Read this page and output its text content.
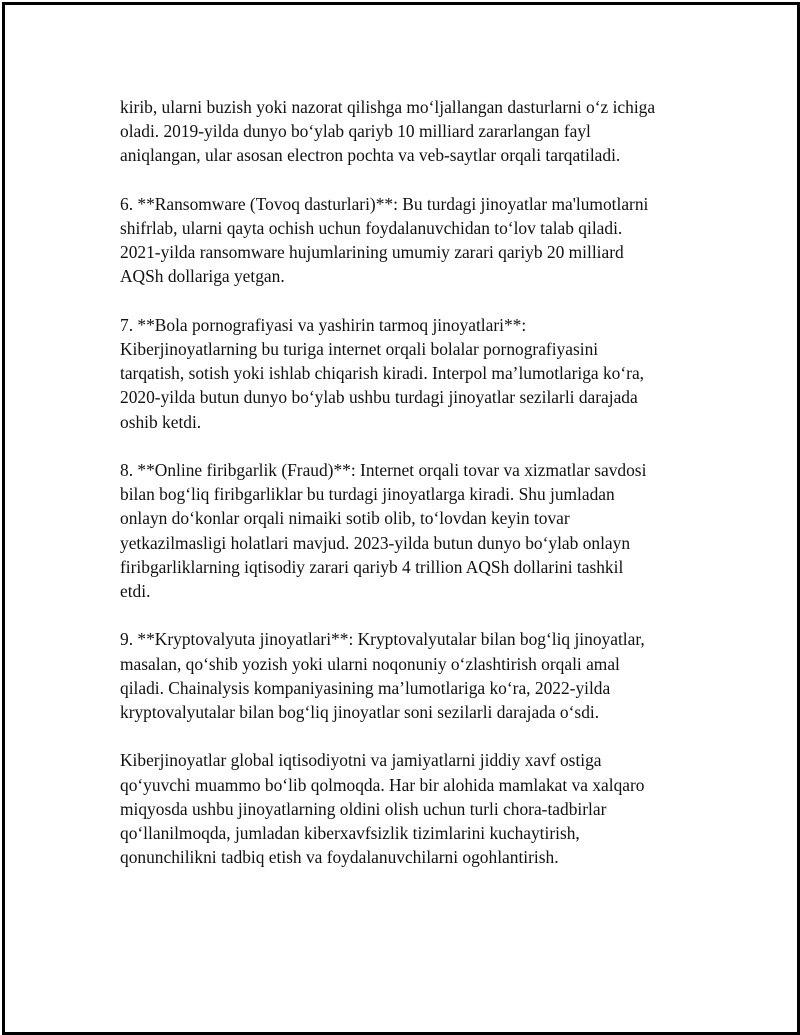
kirib, ularni buzish yoki nazorat qilishga mo‘ljallangan dasturlarni o‘z ichiga
oladi. 2019-yilda dunyo bo‘ylab qariyb 10 milliard zararlangan fayl
aniqlangan, ular asosan electron pochta va veb-saytlar orqali tarqatiladi.

6. **Ransomware (Tovoq dasturlari)**: Bu turdagi jinoyatlar ma'lumotlarni
shifrlab, ularni qayta ochish uchun foydalanuvchidan to‘lov talab qiladi.
2021-yilda ransomware hujumlarining umumiy zarari qariyb 20 milliard
AQSh dollariga yetgan.

7. **Bola pornografiyasi va yashirin tarmoq jinoyatlari**:
Kiberjinoyatlarning bu turiga internet orqali bolalar pornografiyasini
tarqatish, sotish yoki ishlab chiqarish kiradi. Interpol ma’lumotlariga ko‘ra,
2020-yilda butun dunyo bo‘ylab ushbu turdagi jinoyatlar sezilarli darajada
oshib ketdi.

8. **Online firibgarlik (Fraud)**: Internet orqali tovar va xizmatlar savdosi
bilan bog‘liq firibgarliklar bu turdagi jinoyatlarga kiradi. Shu jumladan
onlayn do‘konlar orqali nimaiki sotib olib, to‘lovdan keyin tovar
yetkazilmasligi holatlari mavjud. 2023-yilda butun dunyo bo‘ylab onlayn
firibgarliklarning iqtisodiy zarari qariyb 4 trillion AQSh dollarini tashkil
etdi.

9. **Kryptovalyuta jinoyatlari**: Kryptovalyutalar bilan bog‘liq jinoyatlar,
masalan, qo‘shib yozish yoki ularni noqonuniy o‘zlashtirish orqali amal
qiladi. Chainalysis kompaniyasining ma’lumotlariga ko‘ra, 2022-yilda
kryptovalyutalar bilan bog‘liq jinoyatlar soni sezilarli darajada o‘sdi.

Kiberjinoyatlar global iqtisodiyotni va jamiyatlarni jiddiy xavf ostiga
qo‘yuvchi muammo bo‘lib qolmoqda. Har bir alohida mamlakat va xalqaro
miqyosda ushbu jinoyatlarning oldini olish uchun turli chora-tadbirlar
qo‘llanilmoqda, jumladan kiberxavfsizlik tizimlarini kuchaytirish,
qonunchilikni tadbiq etish va foydalanuvchilarni ogohlantirish.
